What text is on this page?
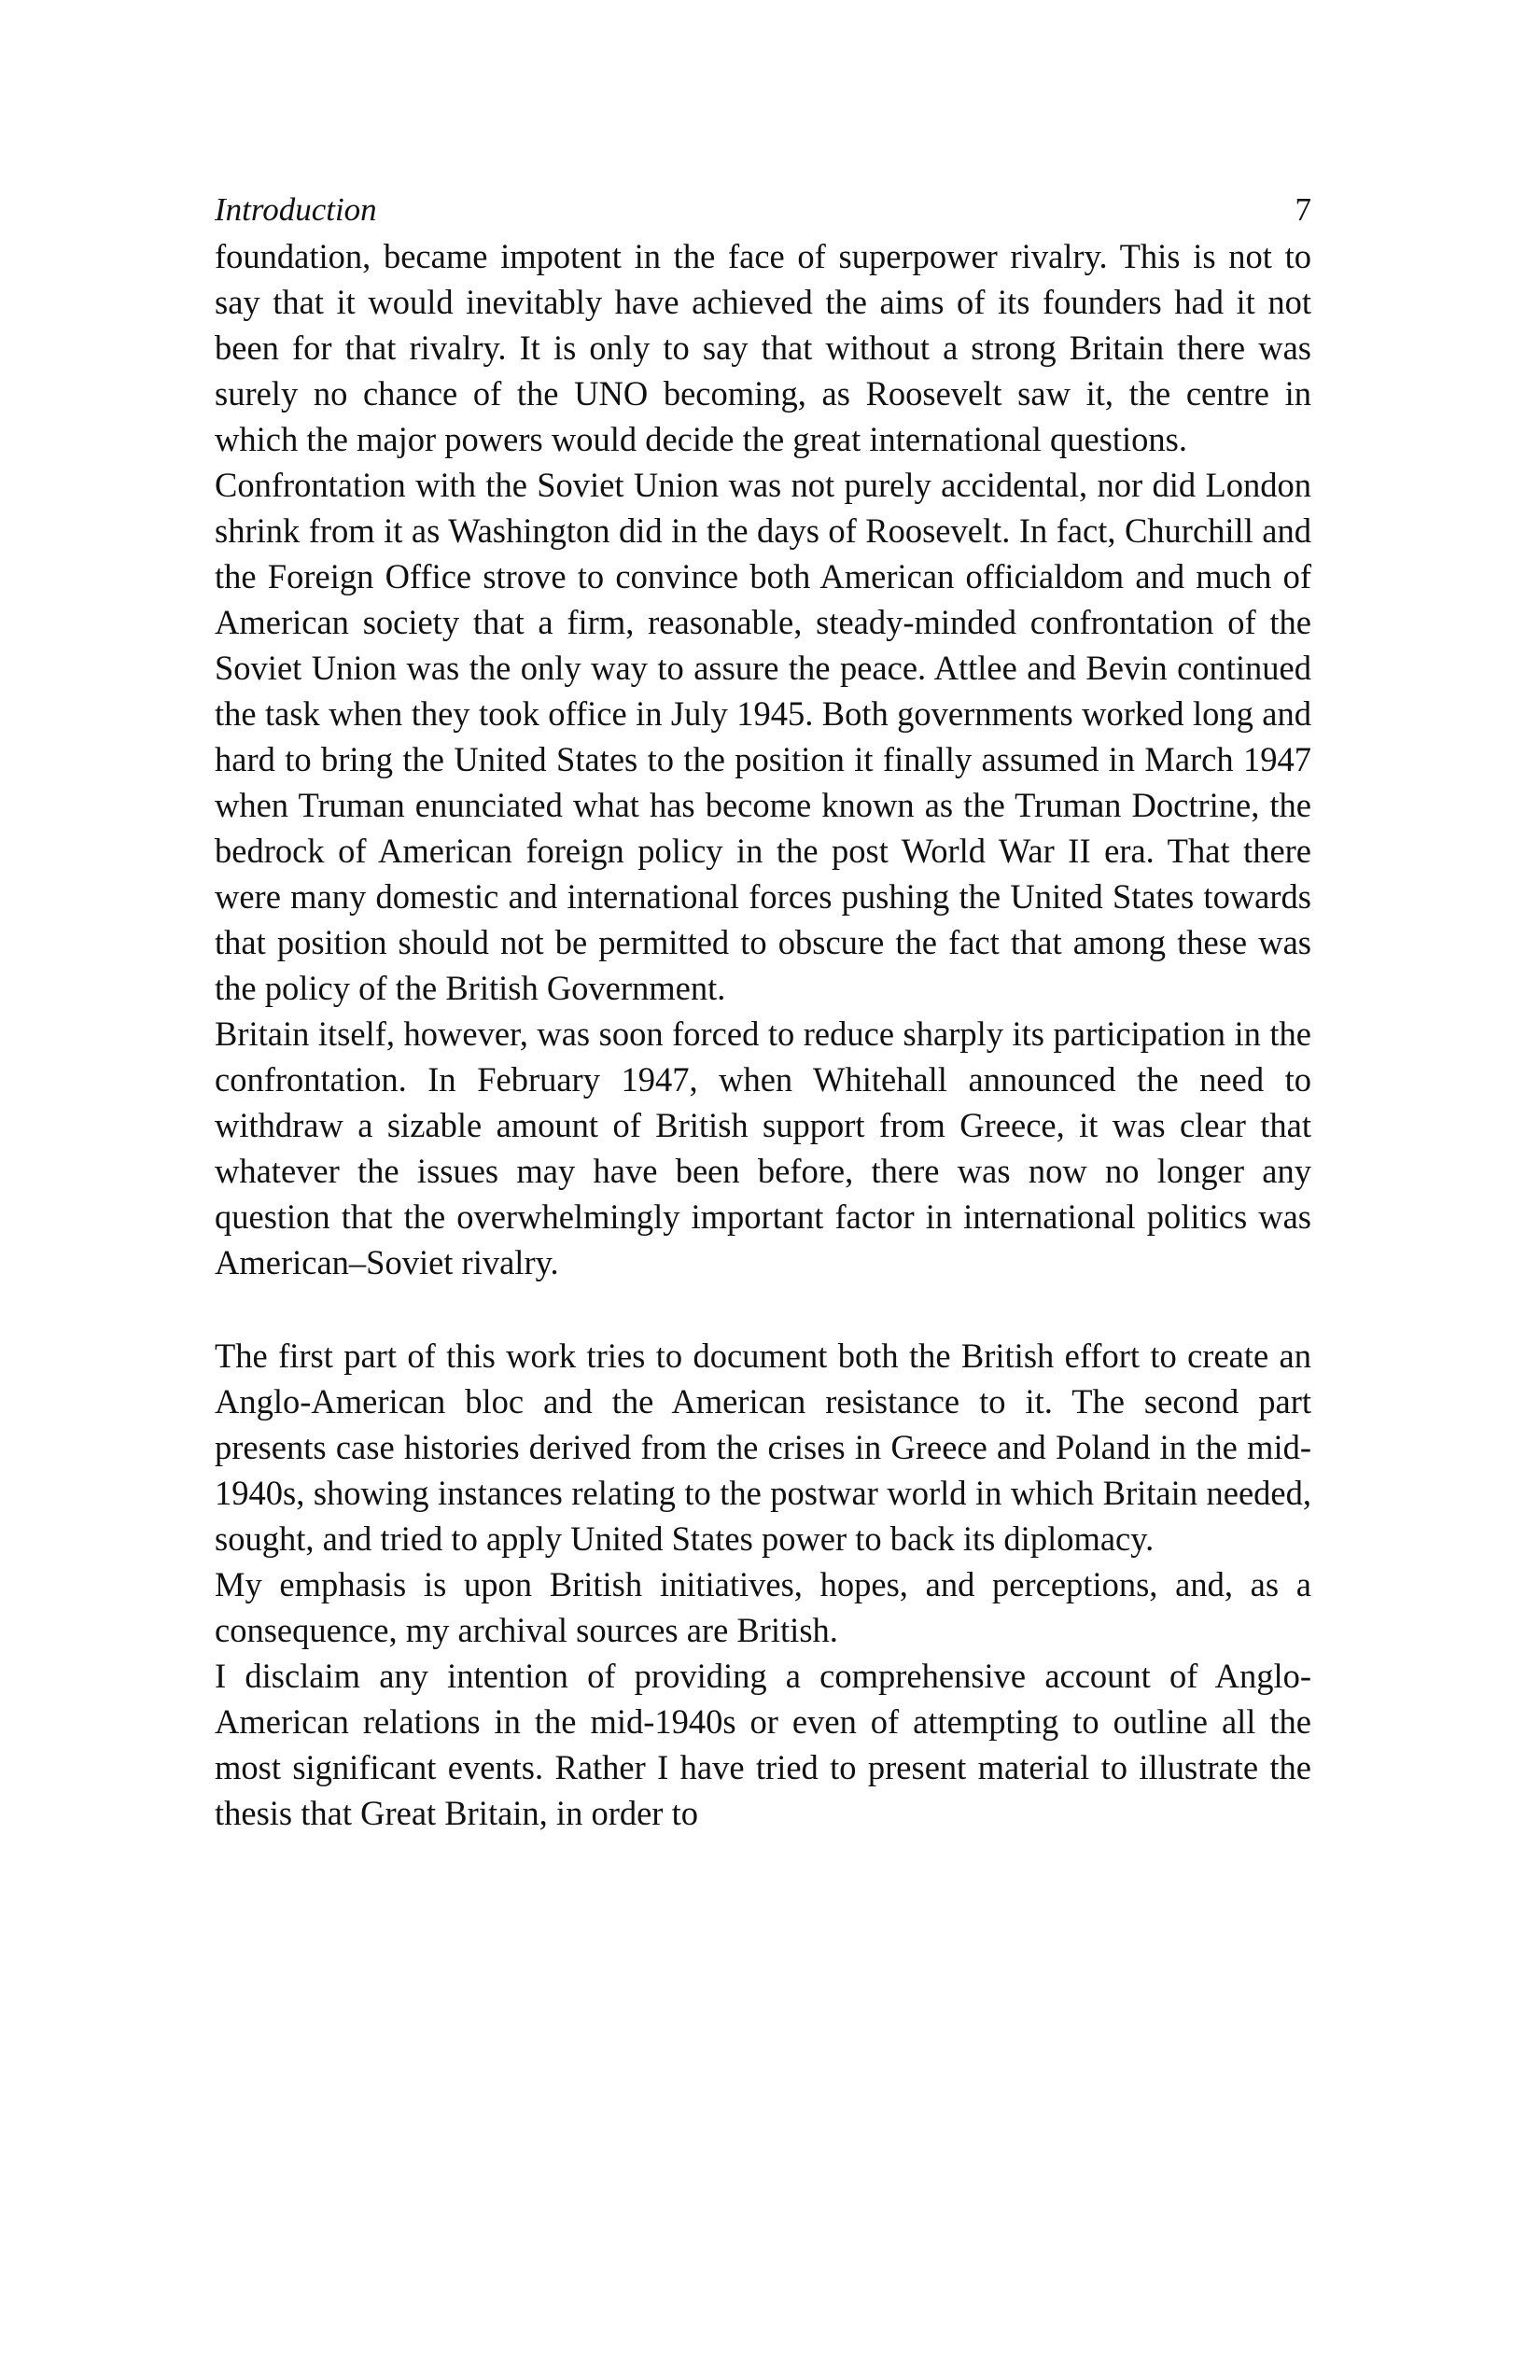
Introduction	7

foundation, became impotent in the face of superpower rivalry. This is not to say that it would inevitably have achieved the aims of its founders had it not been for that rivalry. It is only to say that without a strong Britain there was surely no chance of the UNO becoming, as Roosevelt saw it, the centre in which the major powers would decide the great international questions.

Confrontation with the Soviet Union was not purely accidental, nor did London shrink from it as Washington did in the days of Roosevelt. In fact, Churchill and the Foreign Office strove to convince both American officialdom and much of American society that a firm, reasonable, steady-minded confrontation of the Soviet Union was the only way to assure the peace. Attlee and Bevin continued the task when they took office in July 1945. Both governments worked long and hard to bring the United States to the position it finally assumed in March 1947 when Truman enunciated what has become known as the Truman Doctrine, the bedrock of American foreign policy in the post World War II era. That there were many domestic and international forces pushing the United States towards that position should not be permitted to obscure the fact that among these was the policy of the British Government.

Britain itself, however, was soon forced to reduce sharply its participation in the confrontation. In February 1947, when Whitehall announced the need to withdraw a sizable amount of British support from Greece, it was clear that whatever the issues may have been before, there was now no longer any question that the overwhelmingly important factor in international politics was American–Soviet rivalry.

The first part of this work tries to document both the British effort to create an Anglo-American bloc and the American resistance to it. The second part presents case histories derived from the crises in Greece and Poland in the mid-1940s, showing instances relating to the postwar world in which Britain needed, sought, and tried to apply United States power to back its diplomacy.

My emphasis is upon British initiatives, hopes, and perceptions, and, as a consequence, my archival sources are British.

I disclaim any intention of providing a comprehensive account of Anglo-American relations in the mid-1940s or even of attempting to outline all the most significant events. Rather I have tried to present material to illustrate the thesis that Great Britain, in order to
